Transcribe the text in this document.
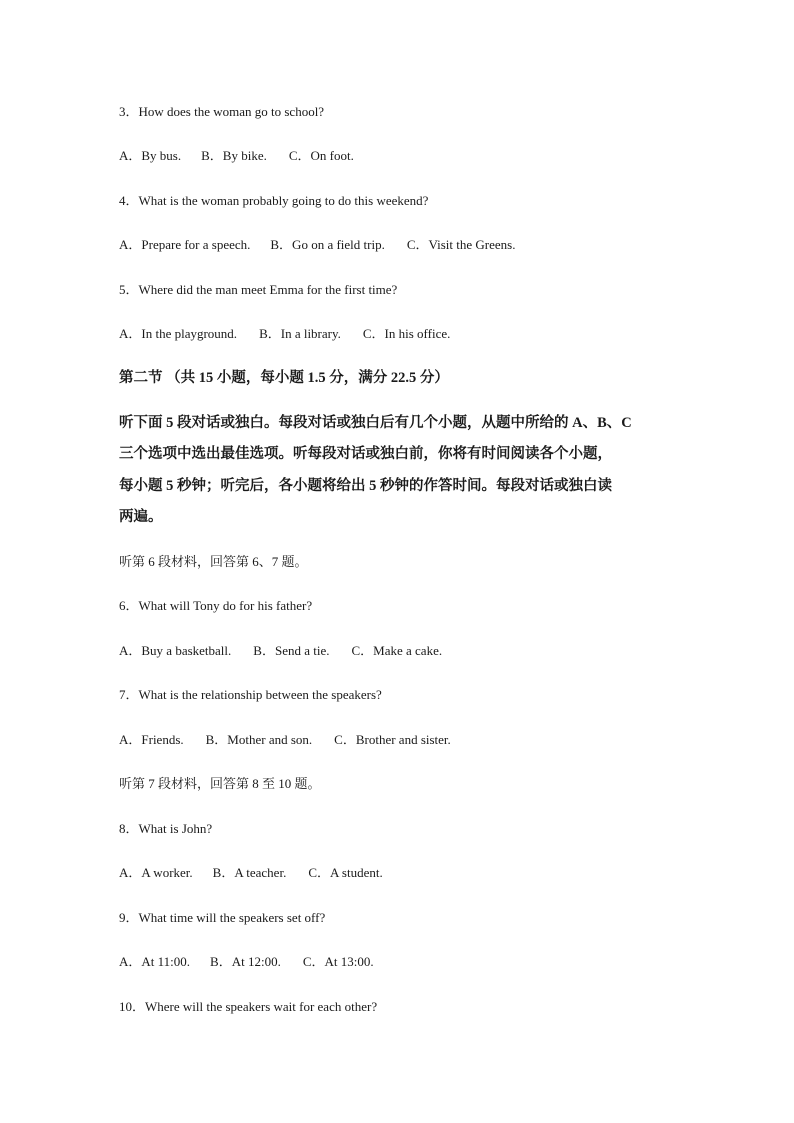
3．How does the woman go to school?
A．By bus. B．By bike. C．On foot.
4．What is the woman probably going to do this weekend?
A．Prepare for a speech. B．Go on a field trip. C．Visit the Greens.
5．Where did the man meet Emma for the first time?
A．In the playground. B．In a library. C．In his office.
第二节 （共 15 小题，每小题 1.5 分，满分 22.5 分）
听下面 5 段对话或独白。每段对话或独白后有几个小题，从题中所给的 A、B、C
三个选项中选出最佳选项。听每段对话或独白前，你将有时间阅读各个小题，
每小题 5 秒钟；听完后，各小题将给出 5 秒钟的作答时间。每段对话或独白读
两遍。
听第 6 段材料，回答第 6、7 题。
6．What will Tony do for his father?
A．Buy a basketball. B．Send a tie. C．Make a cake.
7．What is the relationship between the speakers?
A．Friends. B．Mother and son. C．Brother and sister.
听第 7 段材料，回答第 8 至 10 题。
8．What is John?
A．A worker. B．A teacher. C．A student.
9．What time will the speakers set off?
A．At 11:00. B．At 12:00. C．At 13:00.
10．Where will the speakers wait for each other?
